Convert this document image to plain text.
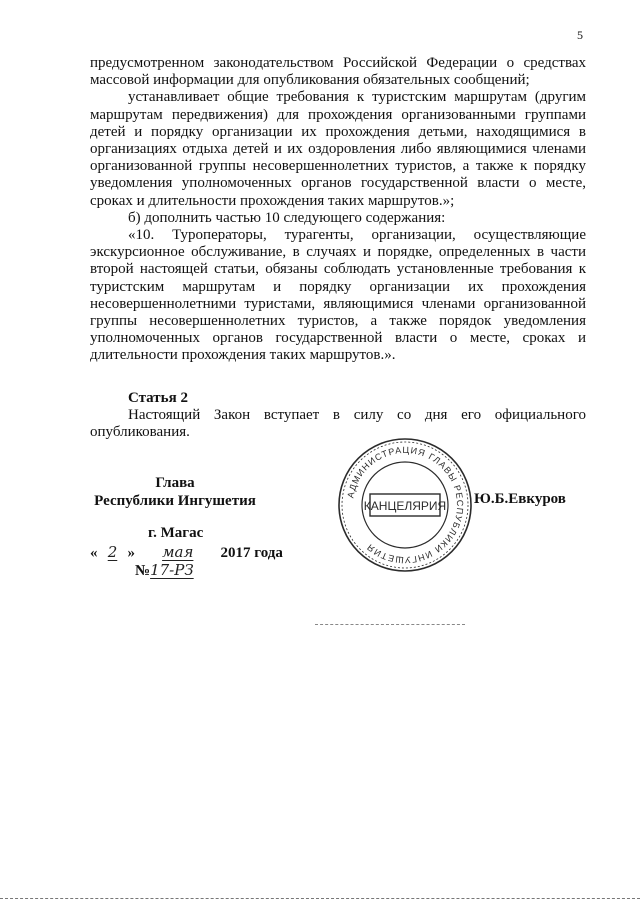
5

предусмотренном законодательством Российской Федерации о средствах массовой информации для опубликования обязательных сообщений;

устанавливает общие требования к туристским маршрутам (другим маршрутам передвижения) для прохождения организованными группами детей и порядку организации их прохождения детьми, находящимися в организациях отдыха детей и их оздоровления либо являющимися членами организованной группы несовершеннолетних туристов, а также к порядку уведомления уполномоченных органов государственной власти о месте, сроках и длительности прохождения таких маршрутов.»;

б) дополнить частью 10 следующего содержания:

«10. Туроператоры, турагенты, организации, осуществляющие экскурсионное обслуживание, в случаях и порядке, определенных в части второй настоящей статьи, обязаны соблюдать установленные требования к туристским маршрутам и порядку организации их прохождения несовершеннолетними туристами, являющимися членами организованной группы несовершеннолетних туристов, а также порядок уведомления уполномоченных органов государственной власти о месте, сроках и длительности прохождения таких маршрутов.».

Статья 2

Настоящий Закон вступает в силу со дня его официального опубликования.

Глава
Республики Ингушетия	Ю.Б.Евкуров
г. Магас
« 2 » мая 2017 года
№17-РЗ
АДМИНИСТРАЦИЯ ГЛАВЫ РЕСПУБЛИКИ ИНГУШЕТИЯ
КАНЦЕЛЯРИЯ
